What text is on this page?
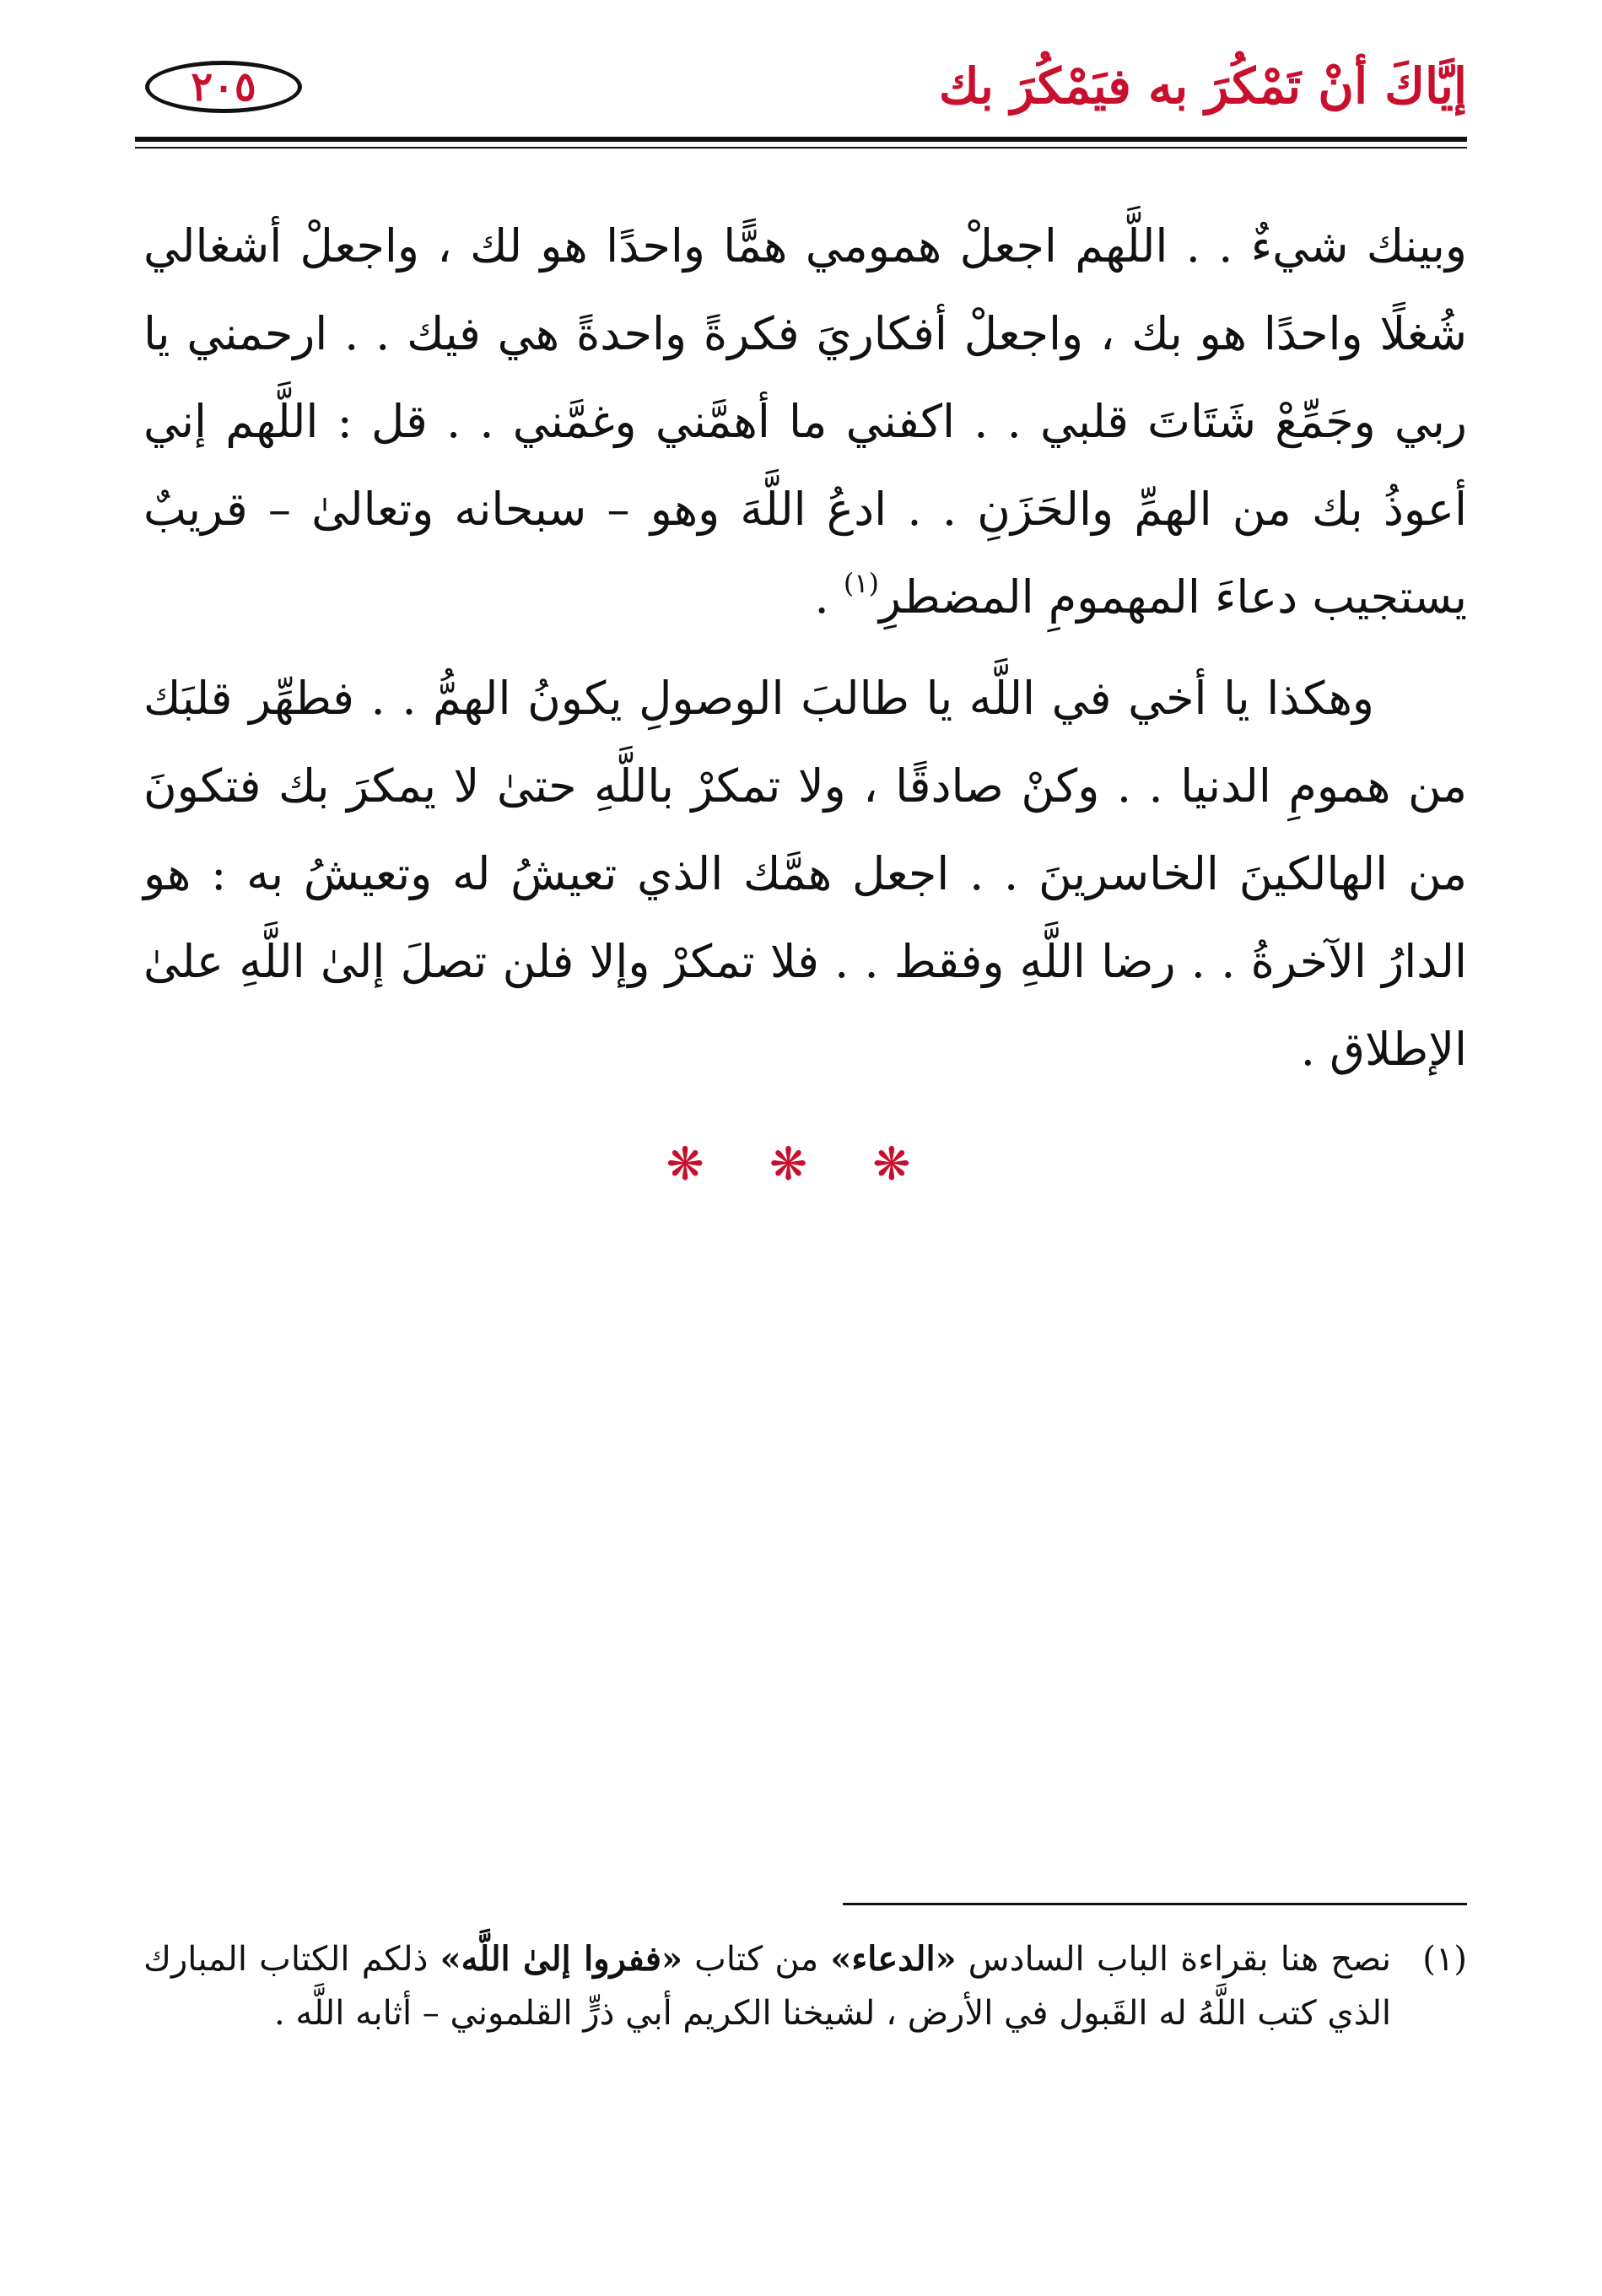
إيَّاكَ أنْ تَمْكُرَ به فيَمْكُرَ بك
٢٠٥

وبينك شيءٌ . . اللَّهم اجعلْ همومي همًّا واحدًا هو لك ، واجعلْ أشغالي شُغلًا واحدًا هو بك ، واجعلْ أفكاريَ فكرةً واحدةً هي فيك . . ارحمني يا ربي وجَمِّعْ شَتَاتَ قلبي . . اكفني ما أهمَّني وغمَّني . . قل : اللَّهم إني أعوذُ بك من الهمِّ والحَزَنِ . . ادعُ اللَّهَ وهو – سبحانه وتعالىٰ – قريبٌ يستجيب دعاءَ المهمومِ المضطرِ$^{(١)}$ .

وهكذا يا أخي في اللَّه يا طالبَ الوصولِ يكونُ الهمُّ . . فطهِّر قلبَك من همومِ الدنيا . . وكنْ صادقًا ، ولا تمكرْ باللَّهِ حتىٰ لا يمكرَ بك فتكونَ من الهالكينَ الخاسرينَ . . اجعل همَّك الذي تعيشُ له وتعيشُ به : هو الدارُ الآخرةُ . . رضا اللَّهِ وفقط . . فلا تمكرْ وإلا فلن تصلَ إلىٰ اللَّهِ علىٰ الإطلاق .

❋ ❋ ❋
(١)نصح هنا بقراءة الباب السادس «الدعاء» من كتاب «ففروا إلىٰ اللَّه» ذلكم الكتاب المبارك الذي كتب اللَّهُ له القَبول في الأرض ، لشيخنا الكريم أبي ذرٍّ القلموني – أثابه اللَّه .
